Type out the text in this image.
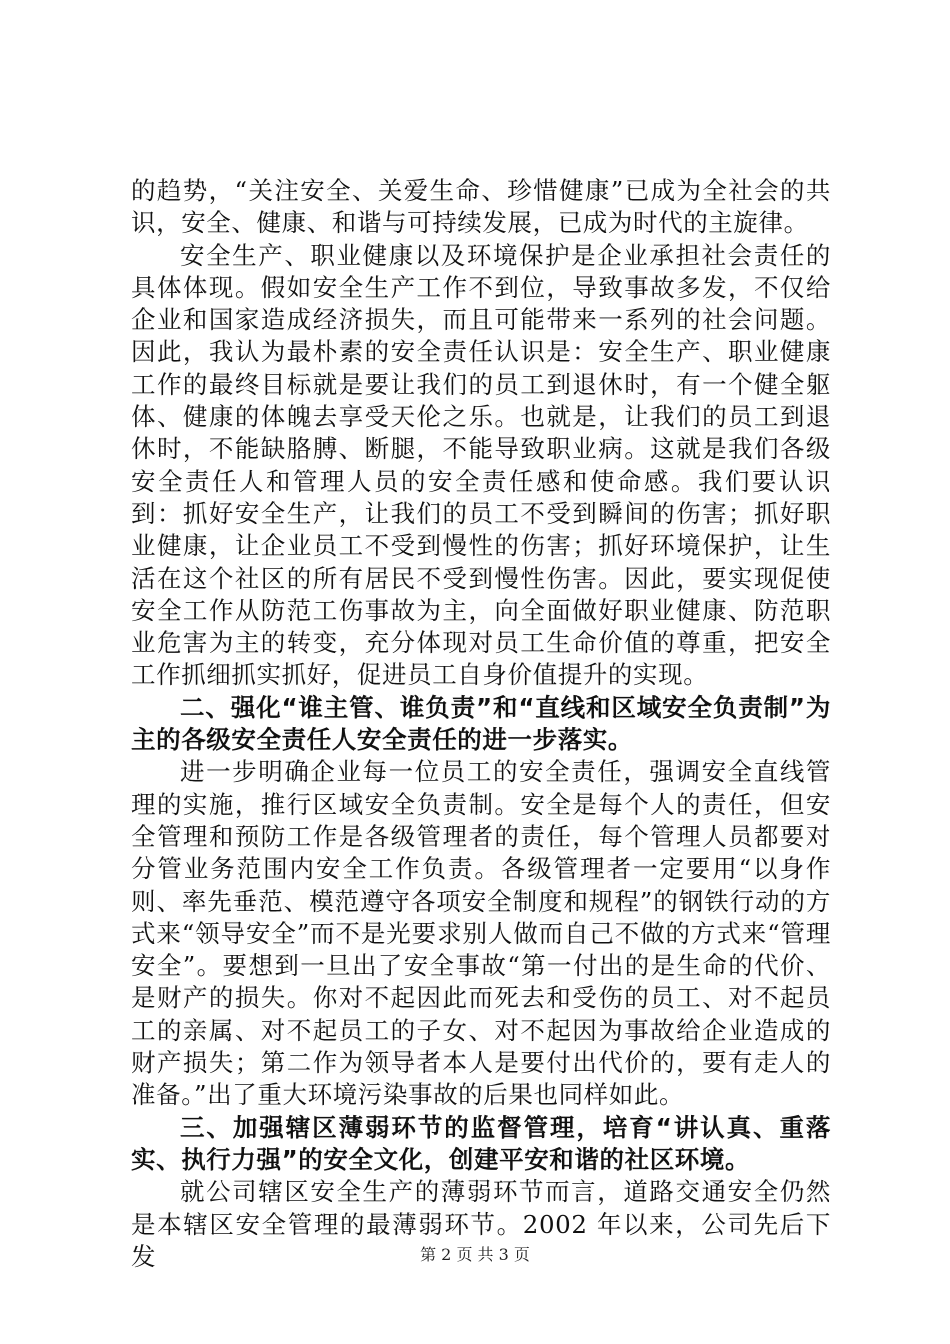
的趋势，“关注安全、关爱生命、珍惜健康”已成为全社会的共识，安全、健康、和谐与可持续发展，已成为时代的主旋律。

安全生产、职业健康以及环境保护是企业承担社会责任的具体体现。假如安全生产工作不到位，导致事故多发，不仅给企业和国家造成经济损失，而且可能带来一系列的社会问题。因此，我认为最朴素的安全责任认识是：安全生产、职业健康工作的最终目标就是要让我们的员工到退休时，有一个健全躯体、健康的体魄去享受天伦之乐。也就是，让我们的员工到退休时，不能缺胳膊、断腿，不能导致职业病。这就是我们各级安全责任人和管理人员的安全责任感和使命感。我们要认识到：抓好安全生产，让我们的员工不受到瞬间的伤害；抓好职业健康，让企业员工不受到慢性的伤害；抓好环境保护，让生活在这个社区的所有居民不受到慢性伤害。因此，要实现促使安全工作从防范工伤事故为主，向全面做好职业健康、防范职业危害为主的转变，充分体现对员工生命价值的尊重，把安全工作抓细抓实抓好，促进员工自身价值提升的实现。

二、强化“谁主管、谁负责”和“直线和区域安全负责制”为主的各级安全责任人安全责任的进一步落实。

进一步明确企业每一位员工的安全责任，强调安全直线管理的实施，推行区域安全负责制。安全是每个人的责任，但安全管理和预防工作是各级管理者的责任，每个管理人员都要对分管业务范围内安全工作负责。各级管理者一定要用“以身作则、率先垂范、模范遵守各项安全制度和规程”的钢铁行动的方式来“领导安全”而不是光要求别人做而自己不做的方式来“管理安全”。要想到一旦出了安全事故“第一付出的是生命的代价、是财产的损失。你对不起因此而死去和受伤的员工、对不起员工的亲属、对不起员工的子女、对不起因为事故给企业造成的财产损失；第二作为领导者本人是要付出代价的，要有走人的准备。”出了重大环境污染事故的后果也同样如此。

三、加强辖区薄弱环节的监督管理，培育“讲认真、重落实、执行力强”的安全文化，创建平安和谐的社区环境。

就公司辖区安全生产的薄弱环节而言，道路交通安全仍然是本辖区安全管理的最薄弱环节。2002 年以来，公司先后下发	第 2 页 共 3 页
